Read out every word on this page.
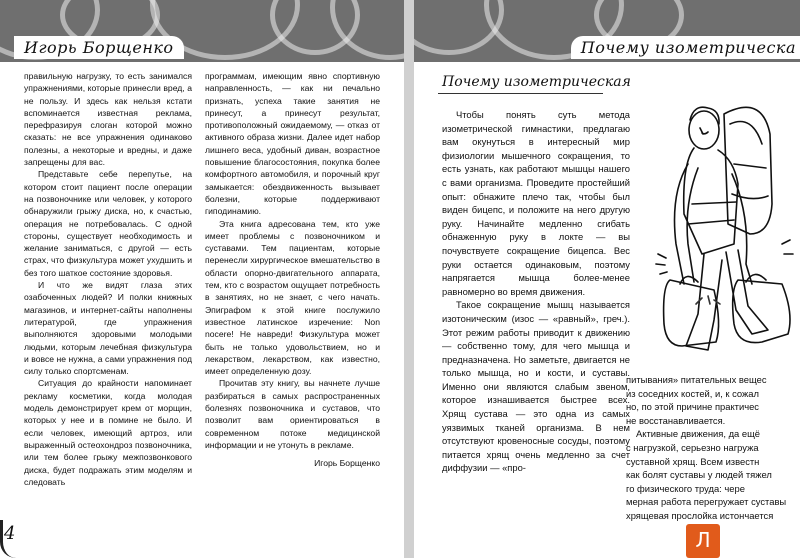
Игорь Борщенко

правильную нагрузку, то есть занимался упражнениями, которые принесли вред, а не пользу. И здесь как нельзя кстати вспоминается известная реклама, перефразируя слоган которой можно сказать: не все упражнения одинаково полезны, а некоторые и вредны, и даже запрещены для вас.

Представьте себе перепутье, на котором стоит пациент после операции на позвоночнике или человек, у которого обнаружили грыжу диска, но, к счастью, операция не потребовалась. С одной стороны, существует необходимость и желание заниматься, с другой — есть страх, что физкультура может ухудшить и без того шаткое состояние здоровья.

И что же видят глаза этих озабоченных людей? И полки книжных магазинов, и интернет-сайты наполнены литературой, где упражнения выполняются здоровыми молодыми людьми, которым лечебная физкультура и вовсе не нужна, а сами упражнения под силу только спортсменам.

Ситуация до крайности напоминает рекламу косметики, когда молодая модель демонстрирует крем от морщин, которых у нее и в помине не было. И если человек, имеющий артроз, или выраженный остеохондроз позвоночника, или тем более грыжу межпозвонкового диска, будет подражать этим моделям и следовать

программам, имеющим явно спортивную направленность, — как ни печально признать, успеха такие занятия не принесут, а принесут результат, противоположный ожидаемому, — отказ от активного образа жизни. Далее идет набор лишнего веса, удобный диван, возрастное повышение благосостояния, покупка более комфортного автомобиля, и порочный круг замыкается: обездвиженность вызывает болезни, которые поддерживают гиподинамию.

Эта книга адресована тем, кто уже имеет проблемы с позвоночником и суставами. Тем пациентам, которые перенесли хирургическое вмешательство в области опорно-двигательного аппарата, тем, кто с возрастом ощущает потребность в занятиях, но не знает, с чего начать. Эпиграфом к этой книге послужило известное латинское изречение: Non nocere! Не навреди! Физкультура может быть не только удовольствием, но и лекарством, лекарством, как известно, имеет определенную дозу.

Прочитав эту книгу, вы начнете лучше разбираться в самых распространенных болезнях позвоночника и суставов, что позволит вам ориентироваться в современном потоке медицинской информации и не утонуть в рекламе.

Игорь Борщенко

4
Почему изометрическа
Почему изометрическая

Чтобы понять суть метода изометрической гимнастики, предлагаю вам окунуться в интересный мир физиологии мышечного сокращения, то есть узнать, как работают мышцы нашего с вами организма. Проведите простейший опыт: обнажите плечо так, чтобы был виден бицепс, и положите на него другую руку. Начинайте медленно сгибать обнаженную руку в локте — вы почувствуете сокращение бицепса. Вес руки остается одинаковым, поэтому напрягается мышца более-менее равномерно во время движения.

Такое сокращение мышц называется изотоническим (изос — «равный», греч.). Этот режим работы приводит к движению — собственно тому, для чего мышца и предназначена. Но заметьте, двигается не только мышца, но и кости, и суставы. Именно они являются слабым звеном, которое изнашивается быстрее всех. Хрящ сустава — это одна из самых уязвимых тканей организма. В нем отсутствуют кровеносные сосуды, поэтому питается хрящ очень медленно за счет диффузии — «про-

питывания» питательных вещес

из соседних костей, и, к сожал

но, по этой причине практичес

не восстанавливается.

Активные движения, да ещё

с нагрузкой, серьезно нагружа

суставной хрящ. Всем известн

как болят суставы у людей тяжел

го физического труда: чере

мерная работа перегружает суставы

хрящевая прослойка истончается

Л
